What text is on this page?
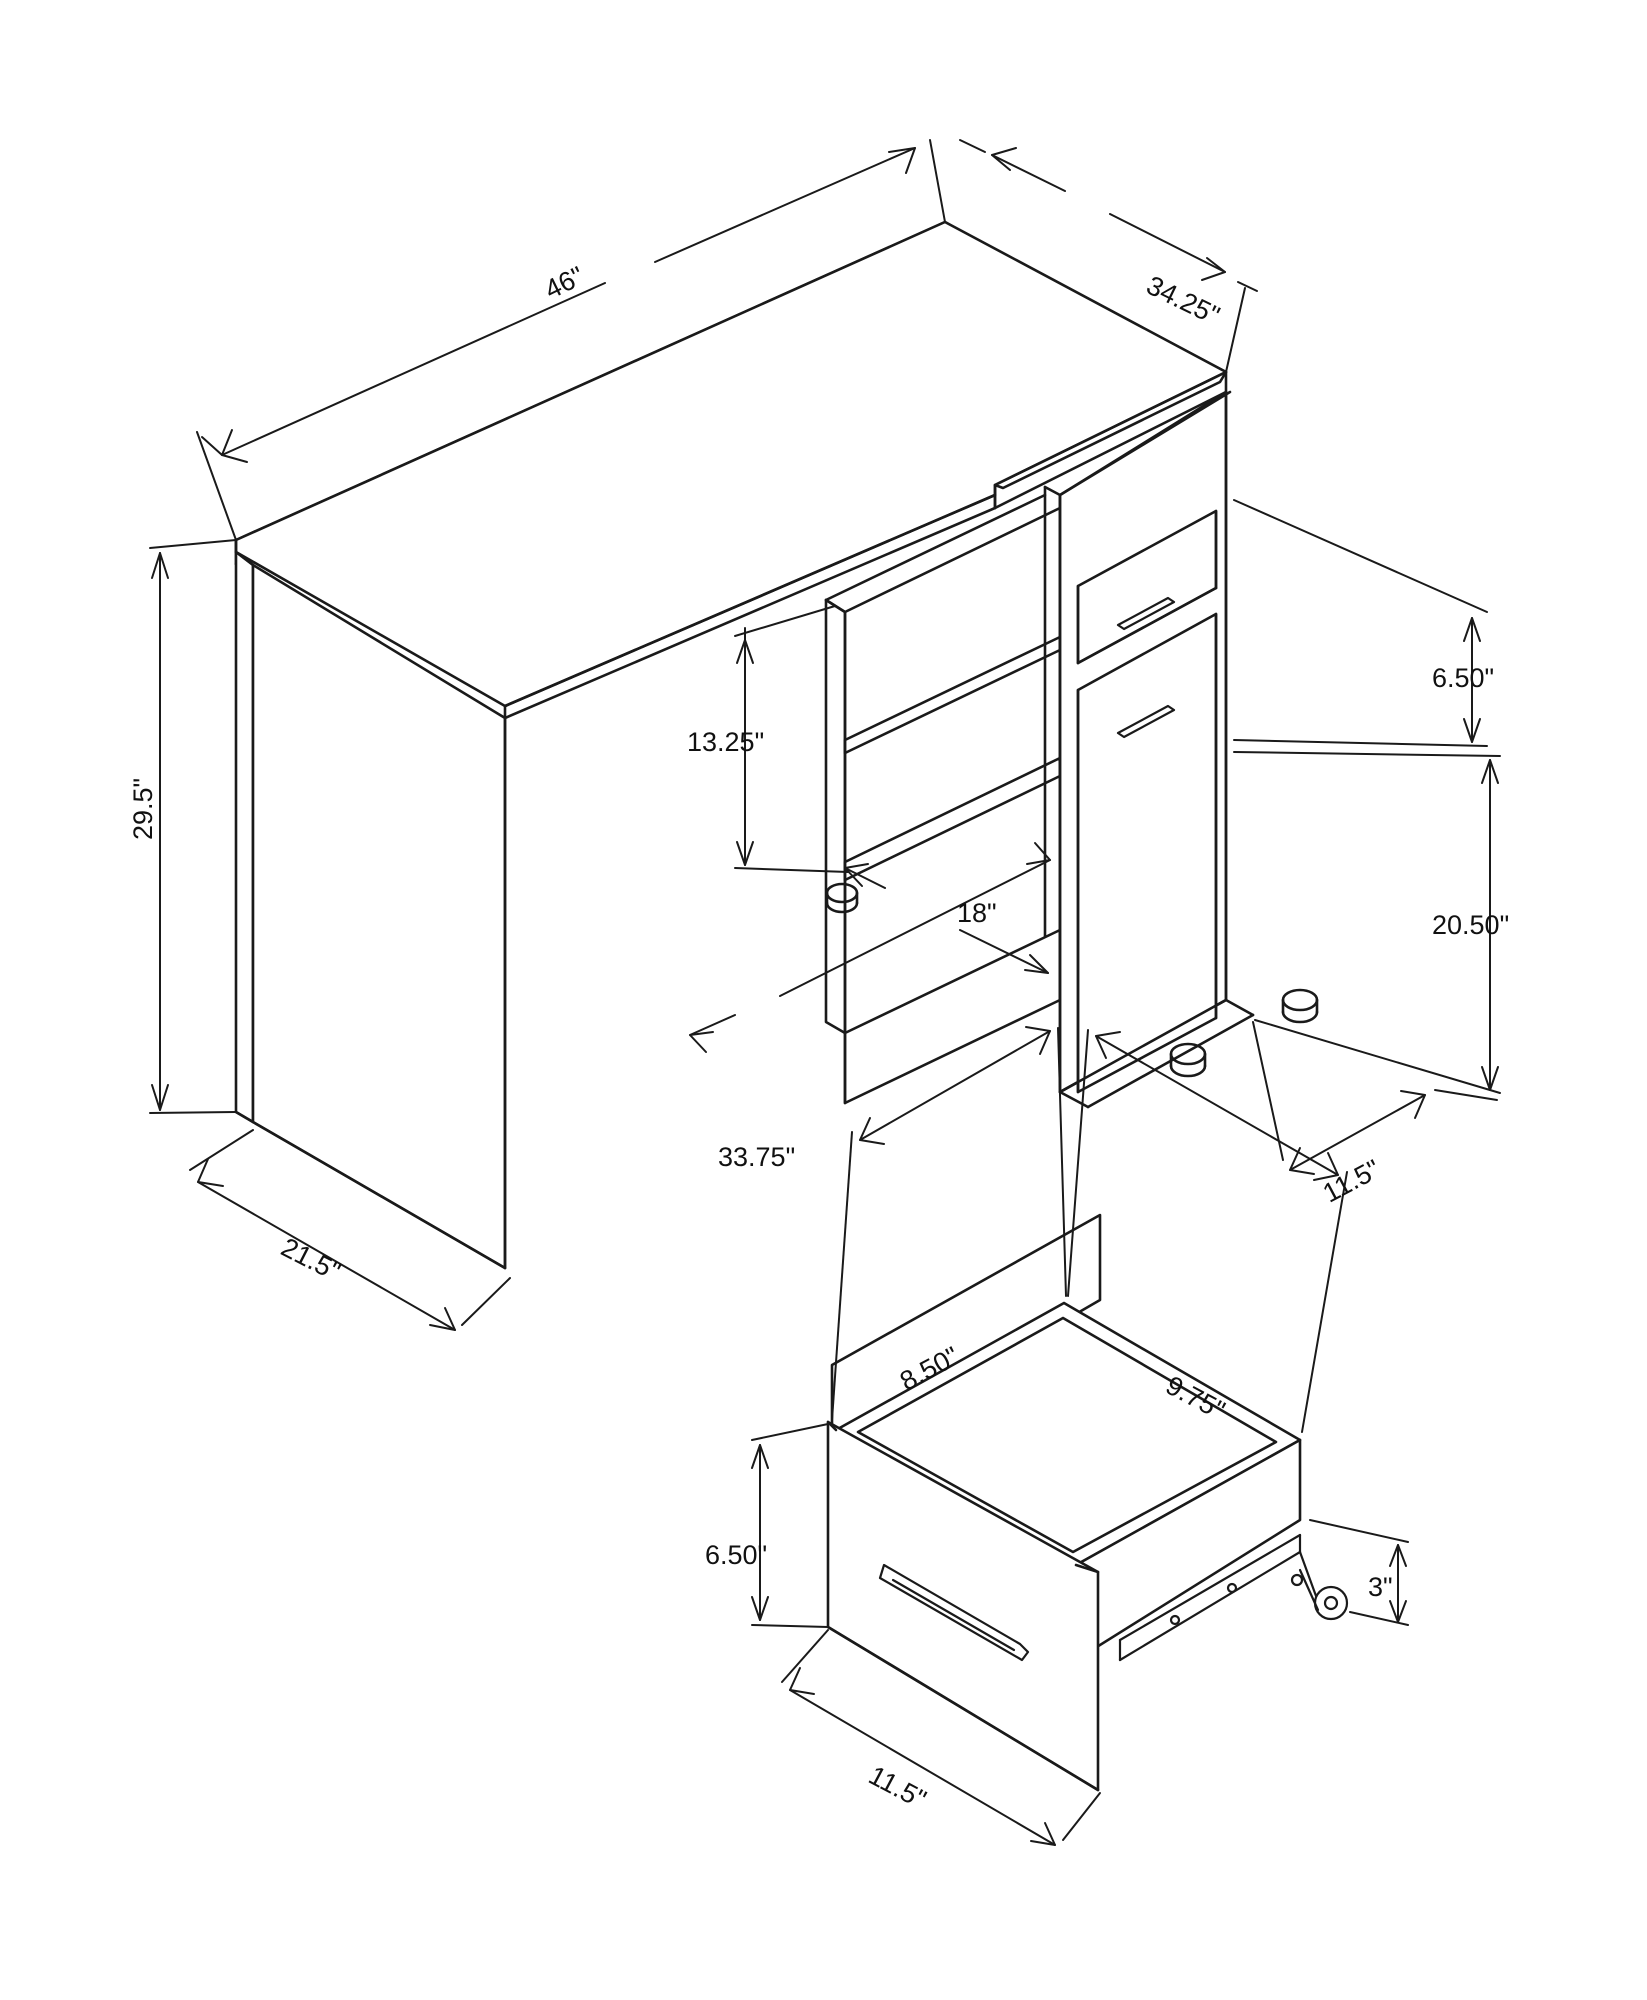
46"	34.25"
29.5"
21.5"
13.25"
18"
33.75"
6.50"
20.50"
11.5"
8.50"
9.75"
6.50"
3"
11.5"
